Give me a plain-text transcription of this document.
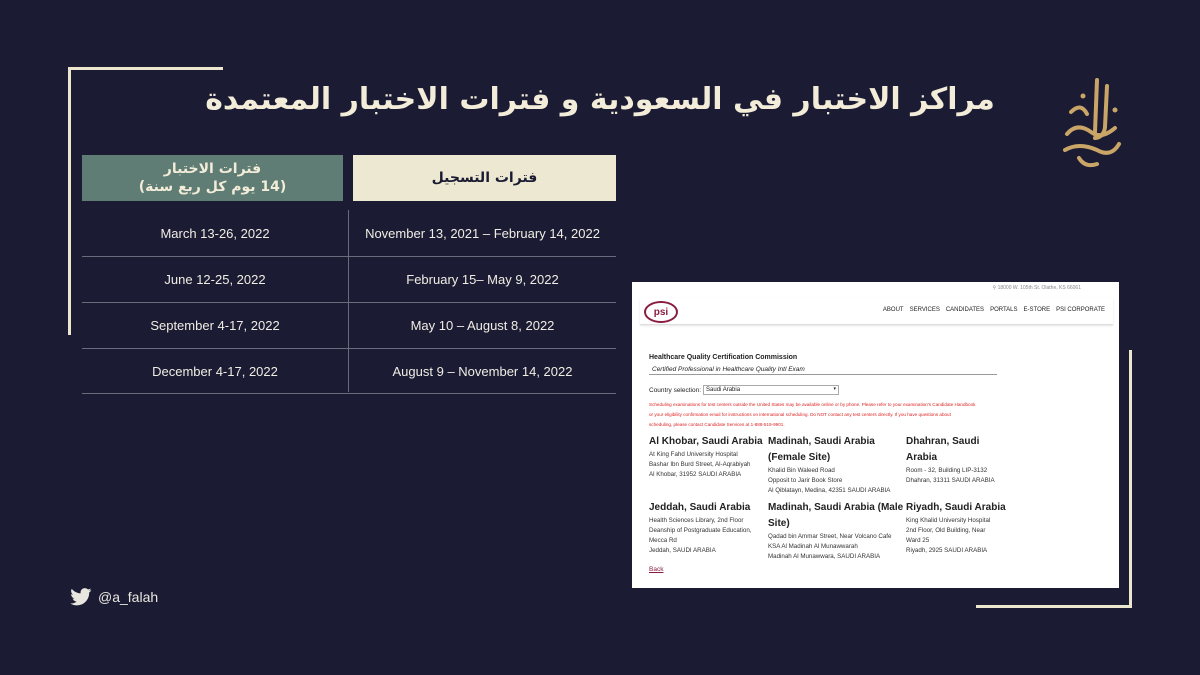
مراكز الاختبار في السعودية و فترات الاختبار المعتمدة
فترات الاختبار
(14 يوم كل ربع سنة)
فترات التسجيل
March 13-26, 2022	November 13, 2021 – February 14, 2022
June 12-25, 2022	February 15– May 9, 2022
September 4-17, 2022	May 10 – August 8, 2022
December 4-17, 2022	August 9 – November 14, 2022
⚲ 18000 W. 105th St. Olathe, KS 66061
psi	ABOUT SERVICES CANDIDATES PORTALS E-STORE PSI CORPORATE
Healthcare Quality Certification Commission
Certified Professional in Healthcare Quality Intl Exam
Country selection: Saudi Arabia	▾
Scheduling examinations for test centers outside the United States may be available online or by phone. Please refer to your examination's Candidate Handbook
or your eligibility confirmation email for instructions on international scheduling. Do NOT contact any test centers directly. If you have questions about
scheduling, please contact Candidate Services at 1-888-519-9901.
Al Khobar, Saudi Arabia
At King Fahd University Hospital
Bashar Ibn Burd Street, Al-Aqrabiyah
Al Khobar, 31952 SAUDI ARABIA
Madinah, Saudi Arabia
(Female Site)
Khalid Bin Waleed Road
Opposit to Jarir Book Store
Al Qiblatayn, Medina, 42351 SAUDI ARABIA
Dhahran, Saudi
Arabia
Room - 32, Building LIP-3132
Dhahran, 31311 SAUDI ARABIA
Jeddah, Saudi Arabia
Health Sciences Library, 2nd Floor
Deanship of Postgraduate Education,
Mecca Rd
Jeddah, SAUDI ARABIA
Madinah, Saudi Arabia (Male
Site)
Qadad bin Ammar Street, Near Volcano Cafe
KSA Al Madinah Al Munawwarah
Madinah Al Munawwara, SAUDI ARABIA
Riyadh, Saudi Arabia
King Khalid University Hospital
2nd Floor, Old Building, Near
Ward 25
Riyadh, 2925 SAUDI ARABIA
Back
@a_falah
